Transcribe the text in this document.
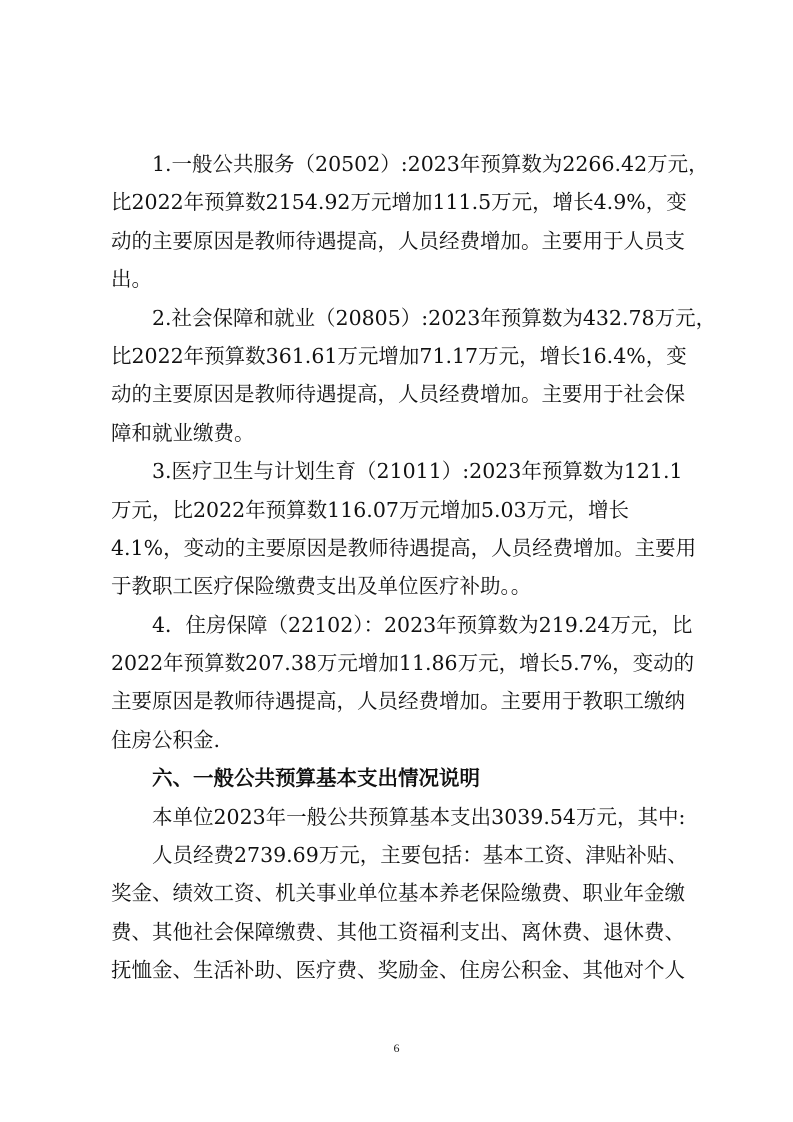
1.一般公共服务（20502）:2023年预算数为2266.42万元，
比2022年预算数2154.92万元增加111.5万元，增长4.9%，变
动的主要原因是教师待遇提高，人员经费增加。主要用于人员支
出。
2.社会保障和就业（20805）:2023年预算数为432.78万元，
比2022年预算数361.61万元增加71.17万元，增长16.4%，变
动的主要原因是教师待遇提高，人员经费增加。主要用于社会保
障和就业缴费。
3.医疗卫生与计划生育（21011）:2023年预算数为121.1
万元，比2022年预算数116.07万元增加5.03万元，增长
4.1%，变动的主要原因是教师待遇提高，人员经费增加。主要用
于教职工医疗保险缴费支出及单位医疗补助。。
4．住房保障（22102）：2023年预算数为219.24万元，比
2022年预算数207.38万元增加11.86万元，增长5.7%，变动的
主要原因是教师待遇提高，人员经费增加。主要用于教职工缴纳
住房公积金.
六、一般公共预算基本支出情况说明
本单位2023年一般公共预算基本支出3039.54万元，其中:
人员经费2739.69万元，主要包括：基本工资、津贴补贴、
奖金、绩效工资、机关事业单位基本养老保险缴费、职业年金缴
费、其他社会保障缴费、其他工资福利支出、离休费、退休费、
抚恤金、生活补助、医疗费、奖励金、住房公积金、其他对个人
6
